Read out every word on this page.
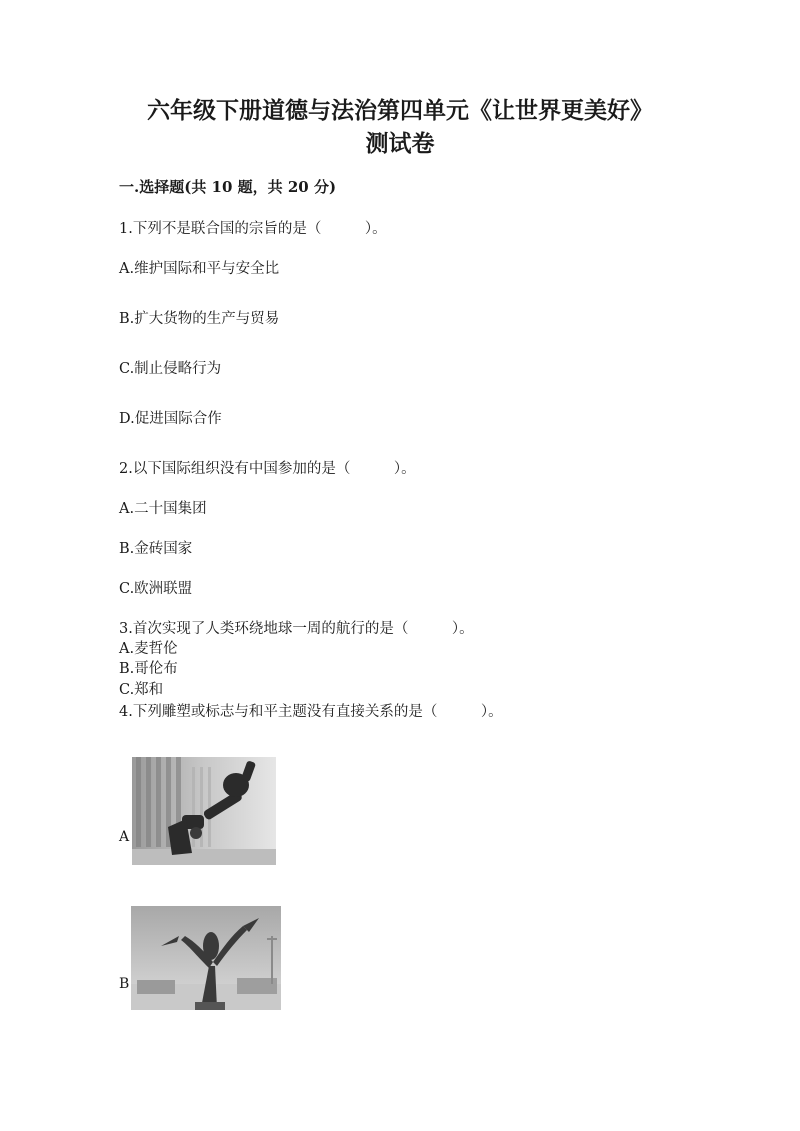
六年级下册道德与法治第四单元《让世界更美好》
测试卷
一.选择题(共 10 题，共 20 分)
1.下列不是联合国的宗旨的是（　　　）。
A.维护国际和平与安全比
B.扩大货物的生产与贸易
C.制止侵略行为
D.促进国际合作
2.以下国际组织没有中国参加的是（　　　）。
A.二十国集团
B.金砖国家
C.欧洲联盟
3.首次实现了人类环绕地球一周的航行的是（　　　）。
A.麦哲伦
B.哥伦布
C.郑和
4.下列雕塑或标志与和平主题没有直接关系的是（　　　）。
A
B
